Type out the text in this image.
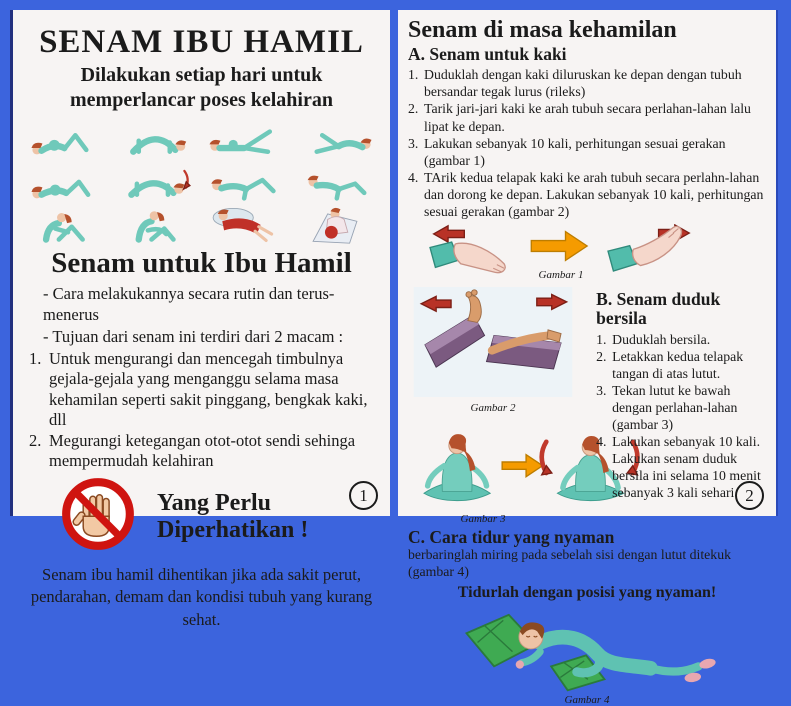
SENAM IBU HAMIL
Dilakukan setiap hari untuk
memperlancar poses kelahiran
Senam untuk Ibu Hamil
- Cara melakukannya secara rutin dan terus-menerus
- Tujuan dari senam ini terdiri dari 2 macam :
1. Untuk mengurangi dan mencegah timbulnya gejala-gejala yang menganggu selama masa kehamilan seperti sakit pinggang, bengkak kaki, dll
2. Megurangi ketegangan otot-otot sendi sehinga mempermudah kelahiran
Yang Perlu Diperhatikan !
Senam ibu hamil dihentikan jika ada sakit perut,
pendarahan, demam dan kondisi tubuh yang kurang sehat.
1
Senam di masa kehamilan
A. Senam untuk kaki
1. Duduklah dengan kaki diluruskan ke depan dengan tubuh bersandar tegak lurus (rileks)
2. Tarik jari-jari kaki ke arah tubuh secara perlahan-lahan lalu lipat ke depan.
3. Lakukan sebanyak 10 kali, perhitungan sesuai gerakan (gambar 1)
4. TArik kedua telapak kaki ke arah tubuh secara perlahn-lahan dan dorong ke depan. Lakukan sebanyak 10 kali, perhitungan sesuai gerakan (gambar 2)
Gambar 1
Gambar 2
Gambar 3
B. Senam duduk bersila
1. Duduklah bersila.
2. Letakkan kedua telapak tangan di atas lutut.
3. Tekan lutut ke bawah dengan perlahan-lahan (gambar 3)
4. Lakukan sebanyak 10 kali. Lakukan senam duduk bersila ini selama 10 menit sebanyak 3 kali sehari
C. Cara tidur yang nyaman
berbaringlah miring pada sebelah sisi dengan lutut ditekuk (gambar 4)
Tidurlah dengan posisi yang nyaman!
Gambar 4
2
